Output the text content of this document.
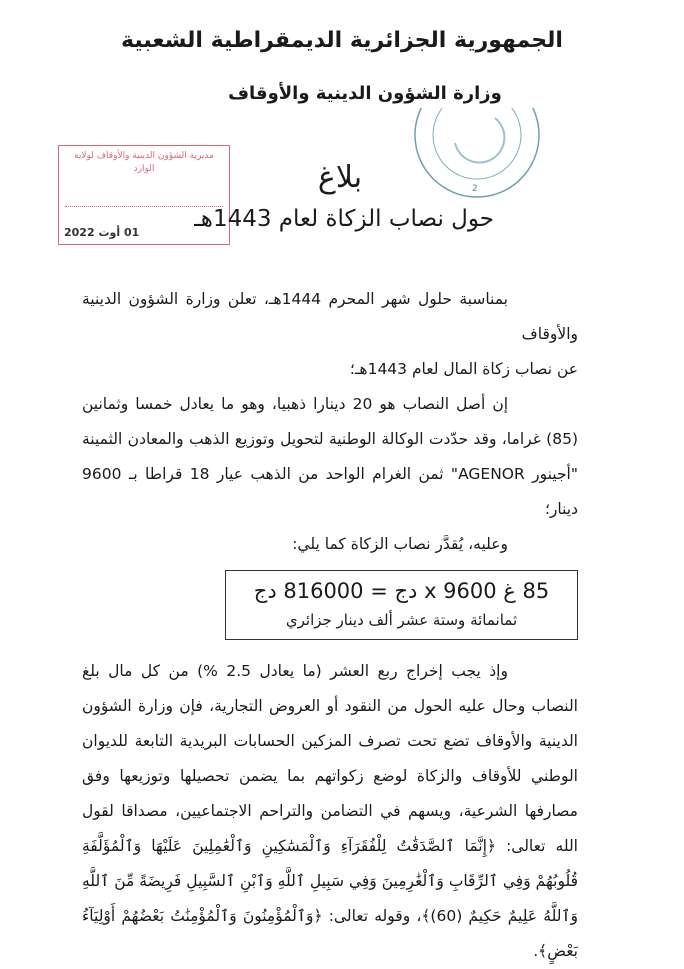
الجمهورية الجزائرية الديمقراطية الشعبية
وزارة الشؤون الدينية والأوقاف
2
مديرية الشؤون الدينية والأوقاف لولاية الوارد
01 أوت 2022
بلاغ
حول نصاب الزكاة لعام 1443هـ

بمناسبة حلول شهر المحرم 1444هـ، تعلن وزارة الشؤون الدينية والأوقاف

عن نصاب زكاة المال لعام 1443هـ؛

إن أصل النصاب هو 20 دينارا ذهبيا، وهو ما يعادل خمسا وثمانين (85) غراما، وقد حدّدت الوكالة الوطنية لتحويل وتوزيع الذهب والمعادن الثمينة "أجينور AGENOR" ثمن الغرام الواحد من الذهب عيار 18 قراطا بـ 9600 دينار؛

وعليه، يُقدَّر نصاب الزكاة كما يلي:

85 غ x 9600 دج = 816000 دج
ثمانمائة وستة عشر ألف دينار جزائري

وإذ يجب إخراج ربع العشر (ما يعادل 2.5 %) من كل مال بلغ النصاب وحال عليه الحول من النقود أو العروض التجارية، فإن وزارة الشؤون الدينية والأوقاف تضع تحت تصرف المزكين الحسابات البريدية التابعة للديوان الوطني للأوقاف والزكاة لوضع زكواتهم بما يضمن تحصيلها وتوزيعها وفق مصارفها الشرعية، ويسهم في التضامن والتراحم الاجتماعيين، مصداقا لقول الله تعالى: ﴿إِنَّمَا ٱلصَّدَقَٰتُ لِلْفُقَرَآءِ وَٱلْمَسَٰكِينِ وَٱلْعَٰمِلِينَ عَلَيْهَا وَٱلْمُؤَلَّفَةِ قُلُوبُهُمْ وَفِي ٱلرِّقَابِ وَٱلْغَٰرِمِينَ وَفِي سَبِيلِ ٱللَّهِ وَٱبْنِ ٱلسَّبِيلِ فَرِيضَةً مِّنَ ٱللَّهِ وَٱللَّهُ عَلِيمٌ حَكِيمٌ (60)﴾، وقوله تعالى: ﴿وَٱلْمُؤْمِنُونَ وَٱلْمُؤْمِنَٰتُ بَعْضُهُمْ أَوْلِيَآءُ بَعْضٍ﴾.
